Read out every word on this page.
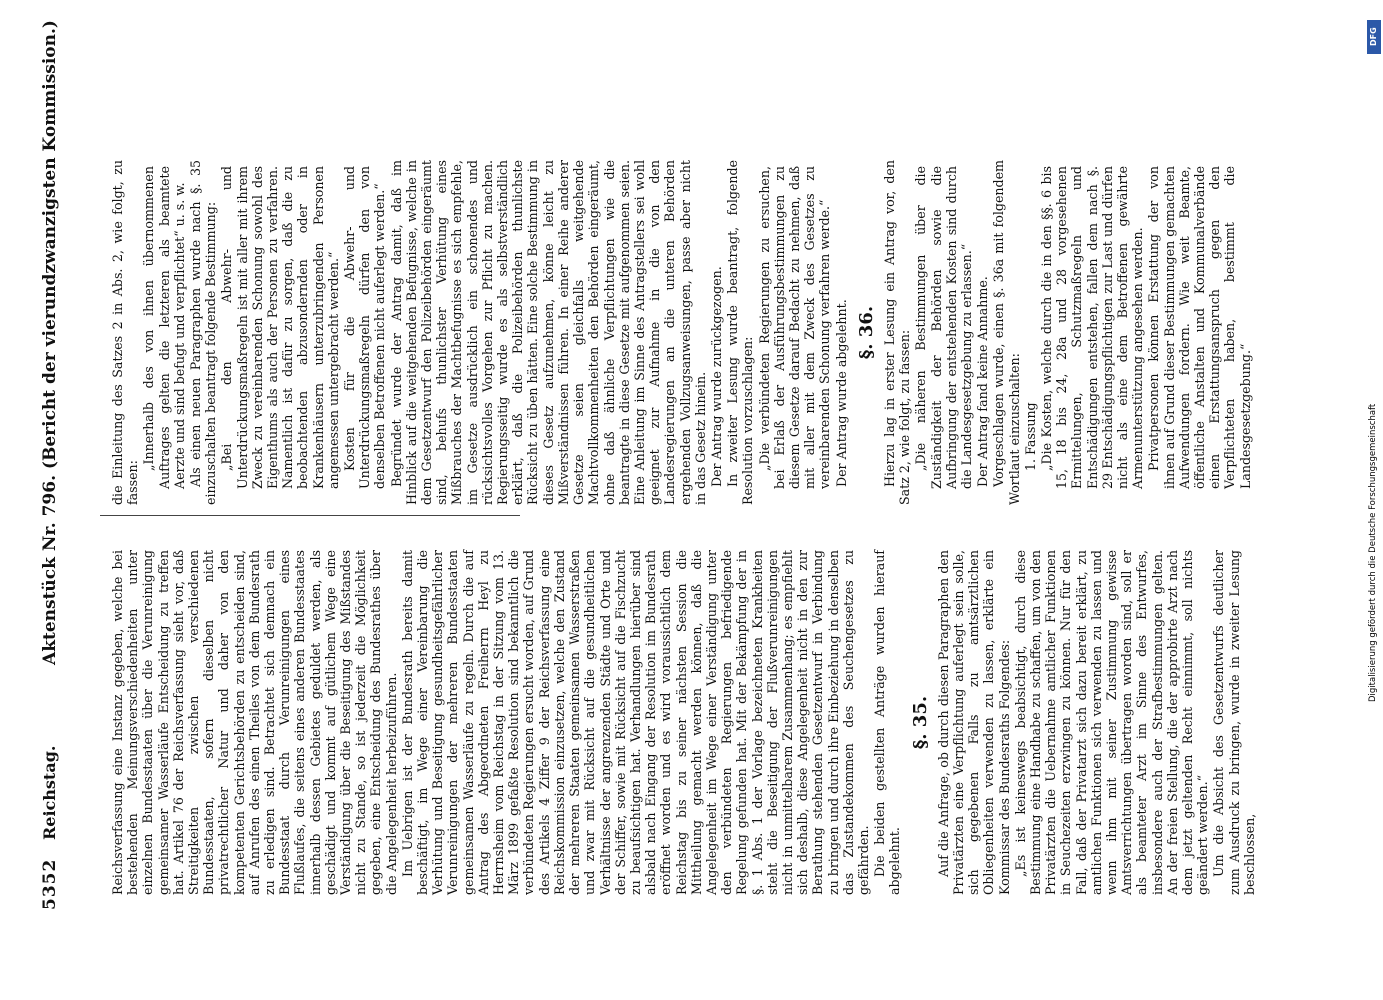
5352
Reichstag.
Aktenstück Nr. 796. (Bericht der vierundzwanzigsten Kommission.)

Reichsverfassung eine Instanz gegeben, welche bei bestehenden Meinungsverschiedenheiten unter einzelnen Bundesstaaten über die Verunreinigung gemeinsamer Wasserläufe Entscheidung zu treffen hat. Artikel 76 der Reichsverfassung sieht vor, daß Streitigkeiten zwischen verschiedenen Bundesstaaten, sofern dieselben nicht privatrechtlicher Natur und daher von den kompetenten Gerichtsbehörden zu entscheiden sind, auf Anrufen des einen Theiles von dem Bundesrath zu erledigen sind. Betrachtet sich demnach ein Bundesstaat durch Verunreinigungen eines Flußlaufes, die seitens eines anderen Bundesstaates innerhalb dessen Gebietes geduldet werden, als geschädigt und kommt auf gütlichem Wege eine Verständigung über die Beseitigung des Mißstandes nicht zu Stande, so ist jederzeit die Möglichkeit gegeben, eine Entscheidung des Bundesrathes über die Angelegenheit herbeizuführen. Im Uebrigen ist der Bundesrath bereits damit beschäftigt, im Wege einer Vereinbarung die Verhütung und Beseitigung gesundheitsgefährlicher Verunreinigungen der mehreren Bundesstaaten gemeinsamen Wasserläufe zu regeln. Durch die auf Antrag des Abgeordneten Freiherrn Heyl zu Herrnsheim vom Reichstag in der Sitzung vom 13. März 1899 gefaßte Resolution sind bekanntlich die verbündeten Regierungen ersucht worden, auf Grund des Artikels 4 Ziffer 9 der Reichsverfassung eine Reichskommission einzusetzen, welche den Zustand der mehreren Staaten gemeinsamen Wasserstraßen und zwar mit Rücksicht auf die gesundheitlichen Verhältnisse der angrenzenden Städte und Orte und der Schiffer, sowie mit Rücksicht auf die Fischzucht zu beaufsichtigen hat. Verhandlungen hierüber sind alsbald nach Eingang der Resolution im Bundesrath eröffnet worden und es wird voraussichtlich dem Reichstag bis zu seiner nächsten Session die Mittheilung gemacht werden können, daß die Angelegenheit im Wege einer Verständigung unter den verbündeten Regierungen befriedigende Regelung gefunden hat. Mit der Bekämpfung der in §. 1 Abs. 1 der Vorlage bezeichneten Krankheiten steht die Beseitigung der Flußverunreinigungen nicht in unmittelbarem Zusammenhang; es empfiehlt sich deshalb, diese Angelegenheit nicht in den zur Berathung stehenden Gesetzentwurf in Verbindung zu bringen und durch ihre Einbeziehung in denselben das Zustandekommen des Seuchengesetzes zu gefährden. Die beiden gestellten Anträge wurden hierauf abgelehnt.

§. 35. Auf die Anfrage, ob durch diesen Paragraphen den Privatärzten eine Verpflichtung auferlegt sein solle, sich gegebenen Falls zu amtsärztlichen Obliegenheiten verwenden zu lassen, erklärte ein Kommissar des Bundesraths Folgendes: „Es ist keineswegs beabsichtigt, durch diese Bestimmung eine Handhabe zu schaffen, um von den Privatärzten die Uebernahme amtlicher Funktionen in Seuchezeiten erzwingen zu können. Nur für den Fall, daß der Privatarzt sich dazu bereit erklärt, zu amtlichen Funktionen sich verwenden zu lassen und wenn ihm mit seiner Zustimmung gewisse Amtsverrichtungen übertragen worden sind, soll er als beamteter Arzt im Sinne des Entwurfes, insbesondere auch der Strafbestimmungen gelten. An der freien Stellung, die der approbirte Arzt nach dem jetzt geltenden Recht einnimmt, soll nichts geändert werden.“ Um die Absicht des Gesetzentwurfs deutlicher zum Ausdruck zu bringen, wurde in zweiter Lesung beschlossen,

die Einleitung des Satzes 2 in Abs. 2, wie folgt, zu fassen:

„Innerhalb des von ihnen übernommenen Auftrages gelten die letzteren als beamtete Aerzte und sind befugt und verpflichtet“ u. s. w. Als einen neuen Paragraphen wurde nach §. 35 einzuschalten beantragt folgende Bestimmung: „Bei den Abwehr- und Unterdrückungsmaßregeln ist mit aller mit ihrem Zweck zu vereinbarenden Schonung sowohl des Eigenthums als auch der Personen zu verfahren. Namentlich ist dafür zu sorgen, daß die zu beobachtenden abzusondernden oder in Krankenhäusern unterzubringenden Personen angemessen untergebracht werden.“ Kosten für die Abwehr- und Unterdrückungsmaßregeln dürfen den von denselben Betroffenen nicht auferlegt werden.“ Begründet wurde der Antrag damit, daß im Hinblick auf die weitgehenden Befugnisse, welche in dem Gesetzentwurf den Polizeibehörden eingeräumt sind, behufs thunlichster Verhütung eines Mißbrauches der Machtbefugnisse es sich empfehle, im Gesetze ausdrücklich ein schonendes und rücksichtsvolles Vorgehen zur Pflicht zu machen. Regierungsseitig wurde es als selbstverständlich erklärt, daß die Polizeibehörden thunlichste Rücksicht zu üben hätten. Eine solche Bestimmung in dieses Gesetz aufzunehmen, könne leicht zu Mißverständnissen führen. In einer Reihe anderer Gesetze seien gleichfalls weitgehende Machtvollkommenheiten den Behörden eingeräumt, ohne daß ähnliche Verpflichtungen wie die beantragte in diese Gesetze mit aufgenommen seien. Eine Anleitung im Sinne des Antragstellers sei wohl geeignet zur Aufnahme in die von den Landesregierungen an die unteren Behörden ergehenden Vollzugsanweisungen, passe aber nicht in das Gesetz hinein. Der Antrag wurde zurückgezogen. In zweiter Lesung wurde beantragt, folgende Resolution vorzuschlagen: „Die verbündeten Regierungen zu ersuchen, bei Erlaß der Ausführungsbestimmungen zu diesem Gesetze darauf Bedacht zu nehmen, daß mit aller mit dem Zweck des Gesetzes zu vereinbarenden Schonung verfahren werde.“ Der Antrag wurde abgelehnt. §. 36. Hierzu lag in erster Lesung ein Antrag vor, den Satz 2, wie folgt, zu fassen: „Die näheren Bestimmungen über die Zuständigkeit der Behörden sowie die Aufbringung der entstehenden Kosten sind durch die Landesgesetzgebung zu erlassen.“ Der Antrag fand keine Annahme. Vorgeschlagen wurde, einen §. 36a mit folgendem Wortlaut einzuschalten: 1. Fassung „Die Kosten, welche durch die in den §§. 6 bis 15, 18 bis 24, 28a und 28 vorgesehenen Ermittelungen, Schutzmaßregeln und Entschädigungen entstehen, fallen dem nach §. 29 Entschädigungspflichtigen zur Last und dürfen nicht als eine dem Betroffenen gewährte Armenunterstützung angesehen werden. Privatpersonen können Erstattung der von ihnen auf Grund dieser Bestimmungen gemachten Aufwendungen fordern. Wie weit Beamte, öffentliche Anstalten und Kommunalverbände einen Erstattungsanspruch gegen den Verpflichteten haben, bestimmt die Landesgesetzgebung.“

DFG
Digitalisierung gefördert durch die Deutsche Forschungsgemeinschaft
